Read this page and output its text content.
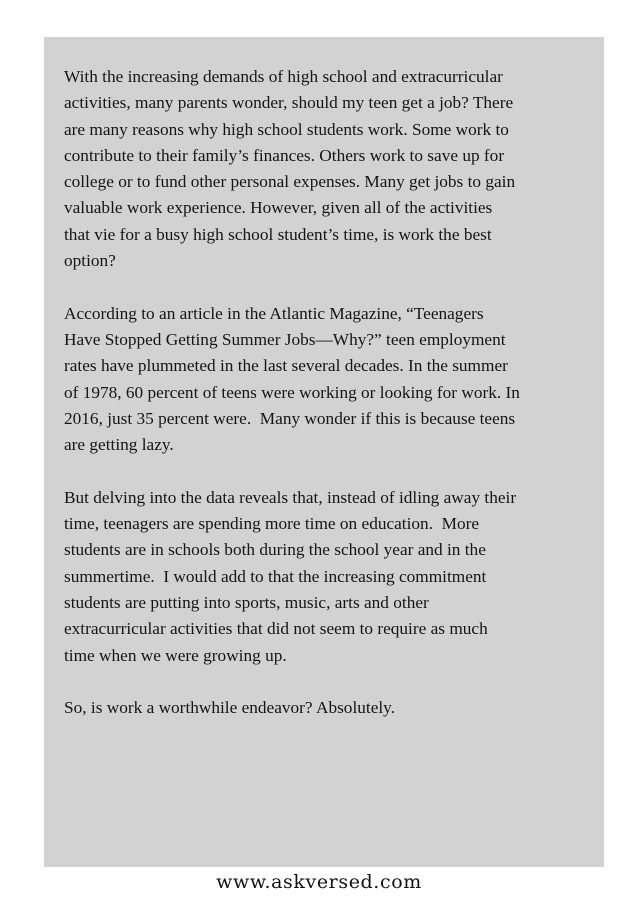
With the increasing demands of high school and extracurricular
activities, many parents wonder, should my teen get a job? There
are many reasons why high school students work. Some work to
contribute to their family’s finances. Others work to save up for
college or to fund other personal expenses. Many get jobs to gain
valuable work experience. However, given all of the activities
that vie for a busy high school student’s time, is work the best
option?

According to an article in the Atlantic Magazine, “Teenagers
Have Stopped Getting Summer Jobs—Why?” teen employment
rates have plummeted in the last several decades. In the summer
of 1978, 60 percent of teens were working or looking for work. In
2016, just 35 percent were.  Many wonder if this is because teens
are getting lazy.

But delving into the data reveals that, instead of idling away their
time, teenagers are spending more time on education.  More
students are in schools both during the school year and in the
summertime.  I would add to that the increasing commitment
students are putting into sports, music, arts and other
extracurricular activities that did not seem to require as much
time when we were growing up.

So, is work a worthwhile endeavor? Absolutely.

www.askversed.com
